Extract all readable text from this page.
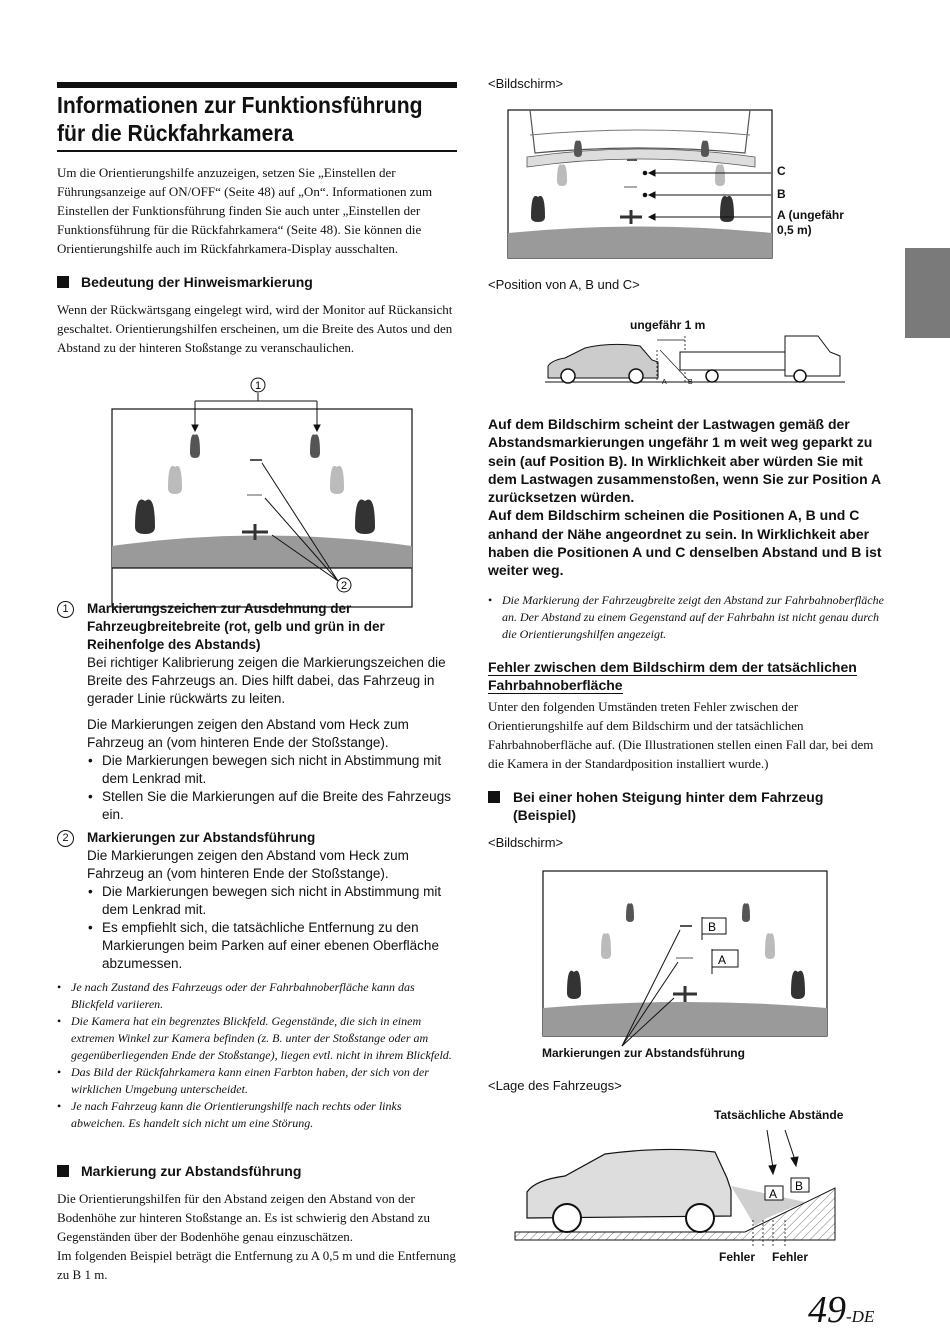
Informationen zur Funktionsführung für die Rückfahrkamera
Um die Orientierungshilfe anzuzeigen, setzen Sie „Einstellen der Führungsanzeige auf ON/OFF“ (Seite 48) auf „On“. Informationen zum Einstellen der Funktionsführung finden Sie auch unter „Einstellen der Funktionsführung für die Rückfahrkamera“ (Seite 48). Sie können die Orientierungshilfe auch im Rückfahrkamera-Display ausschalten.
Bedeutung der Hinweismarkierung
Wenn der Rückwärtsgang eingelegt wird, wird der Monitor auf Rückansicht geschaltet. Orientierungshilfen erscheinen, um die Breite des Autos und den Abstand zu der hinteren Stoßstange zu veranschaulichen.
1
2
1	Markierungszeichen zur Ausdehnung der Fahrzeugbreitebreite (rot, gelb und grün in der Reihenfolge des Abstands)
Bei richtiger Kalibrierung zeigen die Markierungszeichen die Breite des Fahrzeugs an. Dies hilft dabei, das Fahrzeug in gerader Linie rückwärts zu leiten.
Die Markierungen zeigen den Abstand vom Heck zum Fahrzeug an (vom hinteren Ende der Stoßstange).
• Die Markierungen bewegen sich nicht in Abstimmung mit dem Lenkrad mit.
• Stellen Sie die Markierungen auf die Breite des Fahrzeugs ein.
2	Markierungen zur Abstandsführung
Die Markierungen zeigen den Abstand vom Heck zum Fahrzeug an (vom hinteren Ende der Stoßstange).
• Die Markierungen bewegen sich nicht in Abstimmung mit dem Lenkrad mit.
• Es empfiehlt sich, die tatsächliche Entfernung zu den Markierungen beim Parken auf einer ebenen Oberfläche abzumessen.
• Je nach Zustand des Fahrzeugs oder der Fahrbahnoberfläche kann das Blickfeld variieren.
• Die Kamera hat ein begrenztes Blickfeld. Gegenstände, die sich in einem extremen Winkel zur Kamera befinden (z. B. unter der Stoßstange oder am gegenüberliegenden Ende der Stoßstange), liegen evtl. nicht in ihrem Blickfeld.
• Das Bild der Rückfahrkamera kann einen Farbton haben, der sich von der wirklichen Umgebung unterscheidet.
• Je nach Fahrzeug kann die Orientierungshilfe nach rechts oder links abweichen. Es handelt sich nicht um eine Störung.
Markierung zur Abstandsführung
Die Orientierungshilfen für den Abstand zeigen den Abstand von der Bodenhöhe zur hinteren Stoßstange an. Es ist schwierig den Abstand zu Gegenständen über der Bodenhöhe genau einzuschätzen.
Im folgenden Beispiel beträgt die Entfernung zu A 0,5 m und die Entfernung zu B 1 m.
<Bildschirm>
C
B
A (ungefähr 0,5 m)
<Position von A, B und C>
ungefähr 1 m
A	B
Auf dem Bildschirm scheint der Lastwagen gemäß der Abstandsmarkierungen ungefähr 1 m weit weg geparkt zu sein (auf Position B). In Wirklichkeit aber würden Sie mit dem Lastwagen zusammenstoßen, wenn Sie zur Position A zurücksetzen würden.
Auf dem Bildschirm scheinen die Positionen A, B und C anhand der Nähe angeordnet zu sein. In Wirklichkeit aber haben die Positionen A und C denselben Abstand und B ist weiter weg.
• Die Markierung der Fahrzeugbreite zeigt den Abstand zur Fahrbahnoberfläche an. Der Abstand zu einem Gegenstand auf der Fahrbahn ist nicht genau durch die Orientierungshilfen angezeigt.
Fehler zwischen dem Bildschirm dem der tatsächlichen Fahrbahnoberfläche
Unter den folgenden Umständen treten Fehler zwischen der Orientierungshilfe auf dem Bildschirm und der tatsächlichen Fahrbahnoberfläche auf. (Die Illustrationen stellen einen Fall dar, bei dem die Kamera in der Standardposition installiert wurde.)
Bei einer hohen Steigung hinter dem Fahrzeug (Beispiel)
<Bildschirm>
B
A
Markierungen zur Abstandsführung
<Lage des Fahrzeugs>
Tatsächliche Abstände
A
B
Fehler Fehler
49-DE
